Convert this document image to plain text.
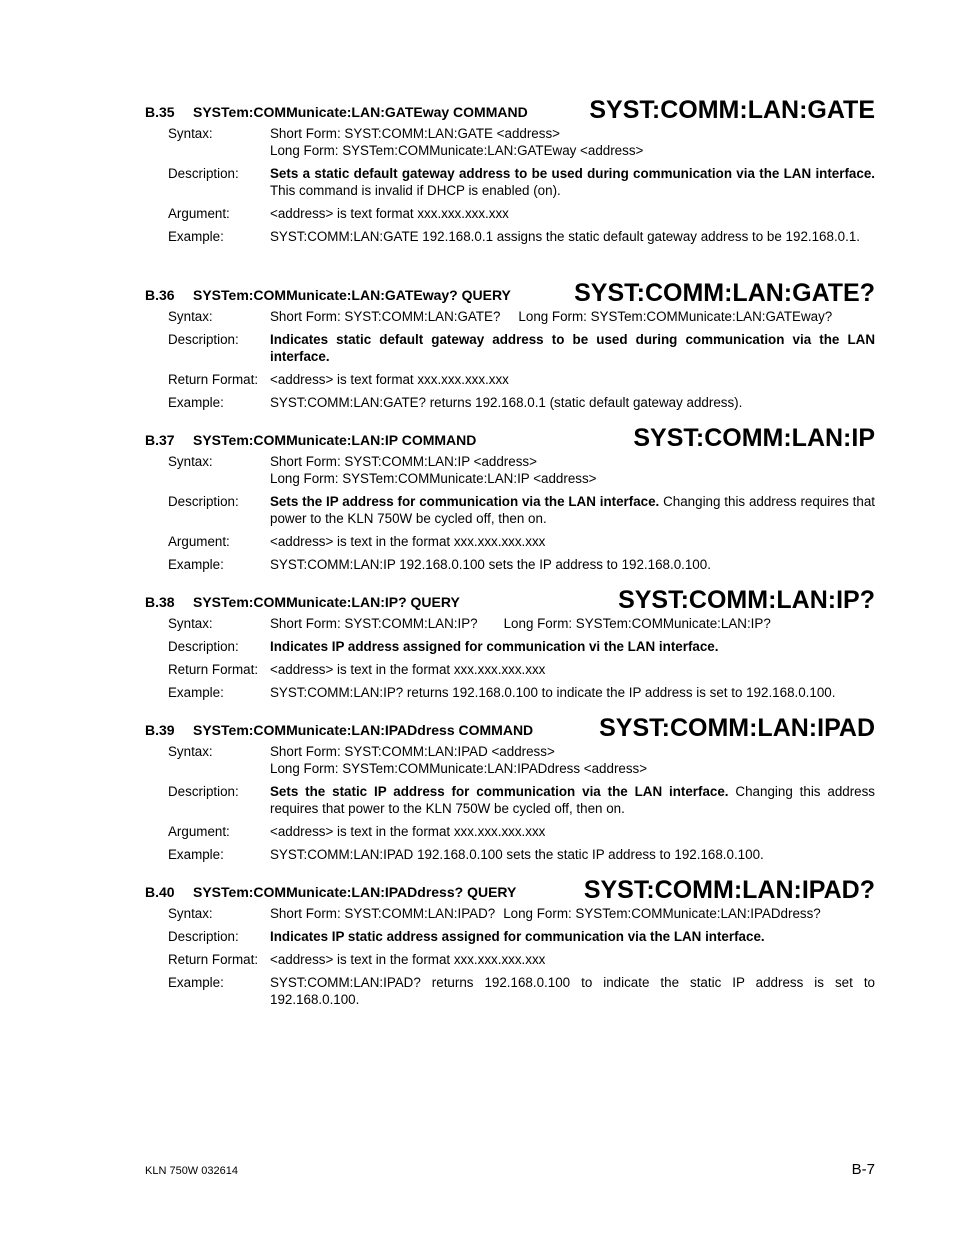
B.35 SYSTem:COMMunicate:LAN:GATEway COMMAND SYST:COMM:LAN:GATE
Syntax:	Short Form: SYST:COMM:LAN:GATE <address>
Long Form: SYSTem:COMMunicate:LAN:GATEway <address>
Description:	Sets a static default gateway address to be used during communication via the LAN interface. This command is invalid if DHCP is enabled (on).
Argument:	<address> is text format xxx.xxx.xxx.xxx
Example:	SYST:COMM:LAN:GATE 192.168.0.1 assigns the static default gateway address to be 192.168.0.1.
B.36 SYSTem:COMMunicate:LAN:GATEway? QUERY	SYST:COMM:LAN:GATE?
Syntax:	Short Form: SYST:COMM:LAN:GATE? Long Form: SYSTem:COMMunicate:LAN:GATEway?
Description:	Indicates static default gateway address to be used during communication via the LAN interface.
Return Format: <address> is text format xxx.xxx.xxx.xxx
Example:	SYST:COMM:LAN:GATE? returns 192.168.0.1 (static default gateway address).
B.37 SYSTem:COMMunicate:LAN:IP COMMAND	SYST:COMM:LAN:IP
Syntax:	Short Form: SYST:COMM:LAN:IP <address>
Long Form: SYSTem:COMMunicate:LAN:IP <address>
Description:	Sets the IP address for communication via the LAN interface. Changing this address requires that power to the KLN 750W be cycled off, then on.
Argument:	<address> is text in the format xxx.xxx.xxx.xxx
Example:	SYST:COMM:LAN:IP 192.168.0.100 sets the IP address to 192.168.0.100.
B.38 SYSTem:COMMunicate:LAN:IP? QUERY	SYST:COMM:LAN:IP?
Syntax:	Short Form: SYST:COMM:LAN:IP? Long Form: SYSTem:COMMunicate:LAN:IP?
Description:	Indicates IP address assigned for communication vi the LAN interface.
Return Format: <address> is text in the format xxx.xxx.xxx.xxx
Example:	SYST:COMM:LAN:IP? returns 192.168.0.100 to indicate the IP address is set to 192.168.0.100.
B.39 SYSTem:COMMunicate:LAN:IPADdress COMMAND	SYST:COMM:LAN:IPAD
Syntax:	Short Form: SYST:COMM:LAN:IPAD <address>
Long Form: SYSTem:COMMunicate:LAN:IPADdress <address>
Description:	Sets the static IP address for communication via the LAN interface. Changing this address requires that power to the KLN 750W be cycled off, then on.
Argument:	<address> is text in the format xxx.xxx.xxx.xxx
Example:	SYST:COMM:LAN:IPAD 192.168.0.100 sets the static IP address to 192.168.0.100.
B.40 SYSTem:COMMunicate:LAN:IPADdress? QUERY	SYST:COMM:LAN:IPAD?
Syntax:	Short Form: SYST:COMM:LAN:IPAD? Long Form: SYSTem:COMMunicate:LAN:IPADdress?
Description:	Indicates IP static address assigned for communication via the LAN interface.
Return Format: <address> is text in the format xxx.xxx.xxx.xxx
Example:	SYST:COMM:LAN:IPAD? returns 192.168.0.100 to indicate the static IP address is set to 192.168.0.100.
KLN 750W 032614	B-7
